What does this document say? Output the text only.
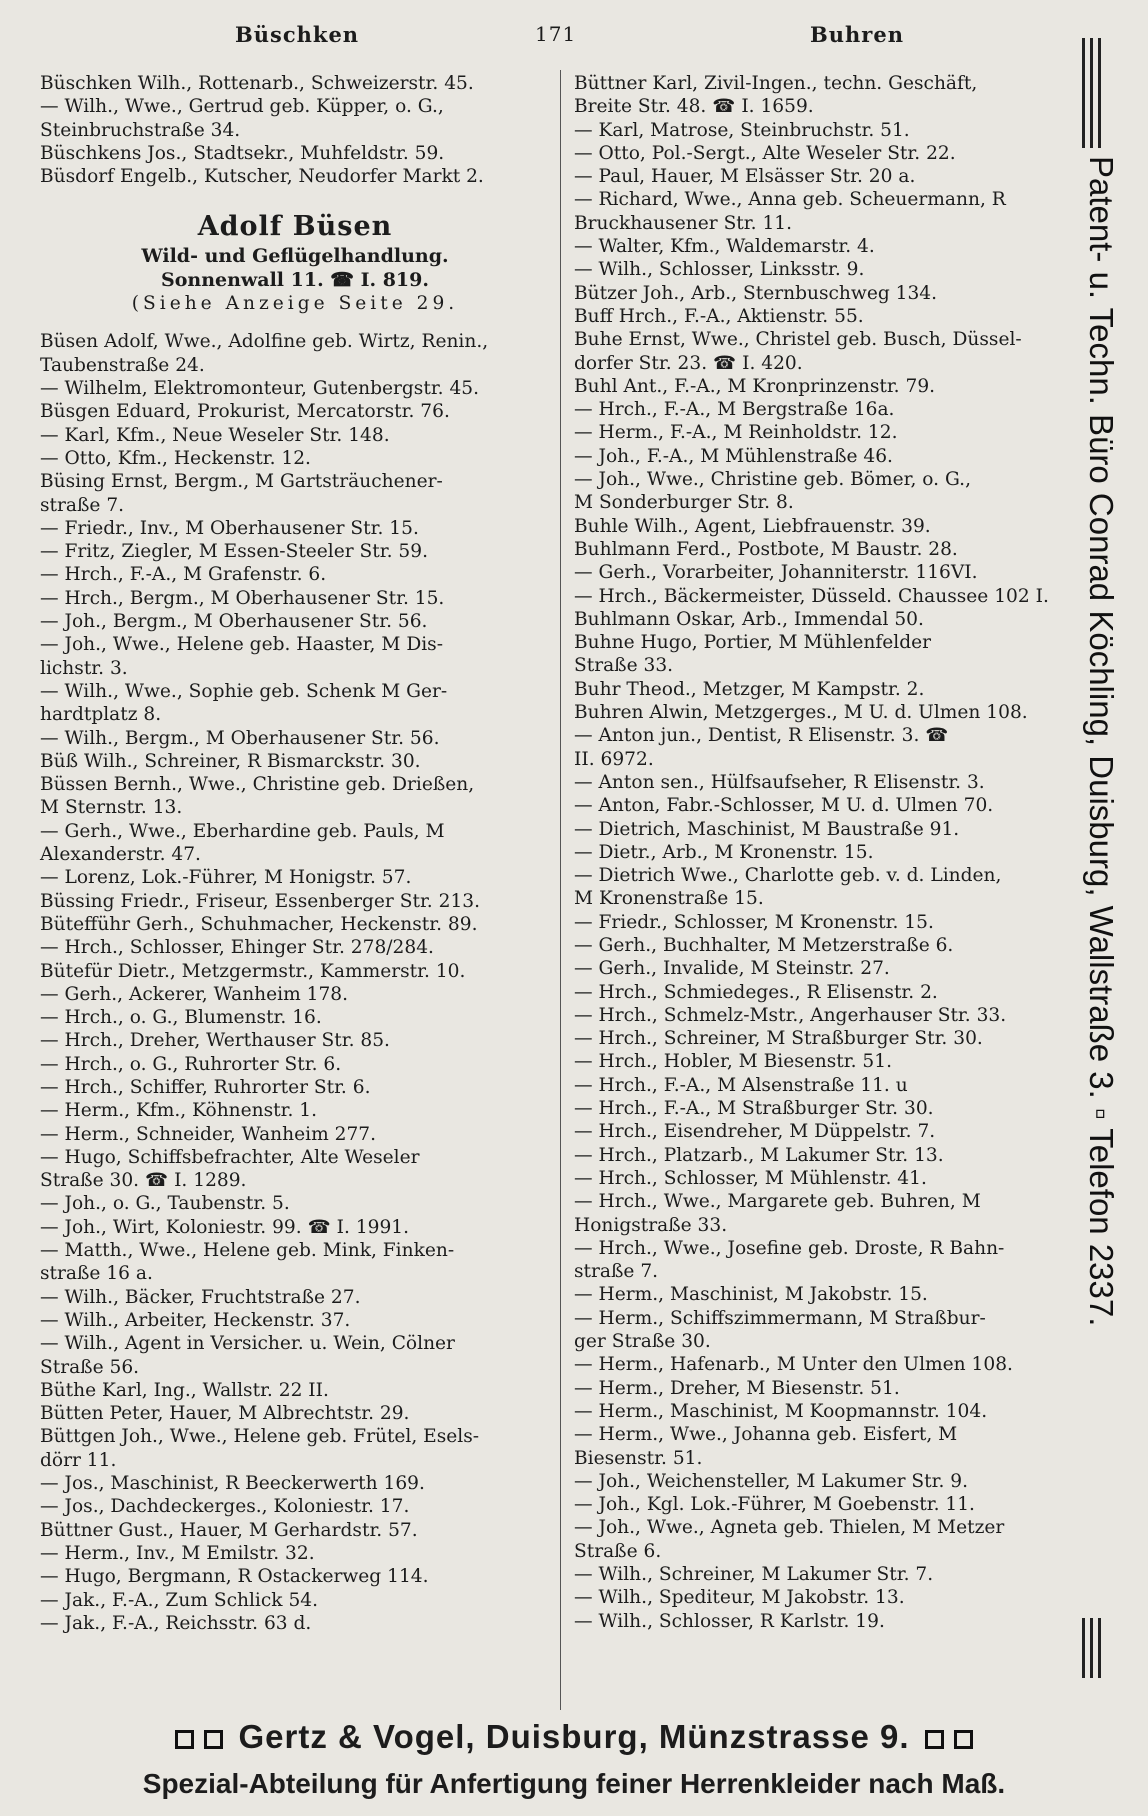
Büschken	171	Buhren
Büschken Wilh., Rottenarb., Schweizerstr. 45.
— Wilh., Wwe., Gertrud geb. Küpper, o. G.,
Steinbruchstraße 34.
Büschkens Jos., Stadtsekr., Muhfeldstr. 59.
Büsdorf Engelb., Kutscher, Neudorfer Markt 2.
Adolf Büsen
Wild- und Geflügelhandlung.
Sonnenwall 11. ☎ I. 819.
(Siehe Anzeige Seite 29.
Büsen Adolf, Wwe., Adolfine geb. Wirtz, Renin.,
Taubenstraße 24.
— Wilhelm, Elektromonteur, Gutenbergstr. 45.
Büsgen Eduard, Prokurist, Mercatorstr. 76.
— Karl, Kfm., Neue Weseler Str. 148.
— Otto, Kfm., Heckenstr. 12.
Büsing Ernst, Bergm., M Gartsträuchener-
straße 7.
— Friedr., Inv., M Oberhausener Str. 15.
— Fritz, Ziegler, M Essen-Steeler Str. 59.
— Hrch., F.-A., M Grafenstr. 6.
— Hrch., Bergm., M Oberhausener Str. 15.
— Joh., Bergm., M Oberhausener Str. 56.
— Joh., Wwe., Helene geb. Haaster, M Dis-
lichstr. 3.
— Wilh., Wwe., Sophie geb. Schenk M Ger-
hardtplatz 8.
— Wilh., Bergm., M Oberhausener Str. 56.
Büß Wilh., Schreiner, R Bismarckstr. 30.
Büssen Bernh., Wwe., Christine geb. Drießen,
M Sternstr. 13.
— Gerh., Wwe., Eberhardine geb. Pauls, M
Alexanderstr. 47.
— Lorenz, Lok.-Führer, M Honigstr. 57.
Büssing Friedr., Friseur, Essenberger Str. 213.
Bütefführ Gerh., Schuhmacher, Heckenstr. 89.
— Hrch., Schlosser, Ehinger Str. 278/284.
Bütefür Dietr., Metzgermstr., Kammerstr. 10.
— Gerh., Ackerer, Wanheim 178.
— Hrch., o. G., Blumenstr. 16.
— Hrch., Dreher, Werthauser Str. 85.
— Hrch., o. G., Ruhrorter Str. 6.
— Hrch., Schiffer, Ruhrorter Str. 6.
— Herm., Kfm., Köhnenstr. 1.
— Herm., Schneider, Wanheim 277.
— Hugo, Schiffsbefrachter, Alte Weseler
Straße 30. ☎ I. 1289.
— Joh., o. G., Taubenstr. 5.
— Joh., Wirt, Koloniestr. 99. ☎ I. 1991.
— Matth., Wwe., Helene geb. Mink, Finken-
straße 16 a.
— Wilh., Bäcker, Fruchtstraße 27.
— Wilh., Arbeiter, Heckenstr. 37.
— Wilh., Agent in Versicher. u. Wein, Cölner
Straße 56.
Büthe Karl, Ing., Wallstr. 22 II.
Bütten Peter, Hauer, M Albrechtstr. 29.
Büttgen Joh., Wwe., Helene geb. Frütel, Esels-
dörr 11.
— Jos., Maschinist, R Beeckerwerth 169.
— Jos., Dachdeckerges., Koloniestr. 17.
Büttner Gust., Hauer, M Gerhardstr. 57.
— Herm., Inv., M Emilstr. 32.
— Hugo, Bergmann, R Ostackerweg 114.
— Jak., F.-A., Zum Schlick 54.
— Jak., F.-A., Reichsstr. 63 d.
Büttner Karl, Zivil-Ingen., techn. Geschäft,
Breite Str. 48. ☎ I. 1659.
— Karl, Matrose, Steinbruchstr. 51.
— Otto, Pol.-Sergt., Alte Weseler Str. 22.
— Paul, Hauer, M Elsässer Str. 20 a.
— Richard, Wwe., Anna geb. Scheuermann, R
Bruckhausener Str. 11.
— Walter, Kfm., Waldemarstr. 4.
— Wilh., Schlosser, Linksstr. 9.
Bützer Joh., Arb., Sternbuschweg 134.
Buff Hrch., F.-A., Aktienstr. 55.
Buhe Ernst, Wwe., Christel geb. Busch, Düssel-
dorfer Str. 23. ☎ I. 420.
Buhl Ant., F.-A., M Kronprinzenstr. 79.
— Hrch., F.-A., M Bergstraße 16a.
— Herm., F.-A., M Reinholdstr. 12.
— Joh., F.-A., M Mühlenstraße 46.
— Joh., Wwe., Christine geb. Bömer, o. G.,
M Sonderburger Str. 8.
Buhle Wilh., Agent, Liebfrauenstr. 39.
Buhlmann Ferd., Postbote, M Baustr. 28.
— Gerh., Vorarbeiter, Johanniterstr. 116VI.
— Hrch., Bäckermeister, Düsseld. Chaussee 102 I.
Buhlmann Oskar, Arb., Immendal 50.
Buhne Hugo, Portier, M Mühlenfelder
Straße 33.
Buhr Theod., Metzger, M Kampstr. 2.
Buhren Alwin, Metzgerges., M U. d. Ulmen 108.
— Anton jun., Dentist, R Elisenstr. 3. ☎
II. 6972.
— Anton sen., Hülfsaufseher, R Elisenstr. 3.
— Anton, Fabr.-Schlosser, M U. d. Ulmen 70.
— Dietrich, Maschinist, M Baustraße 91.
— Dietr., Arb., M Kronenstr. 15.
— Dietrich Wwe., Charlotte geb. v. d. Linden,
M Kronenstraße 15.
— Friedr., Schlosser, M Kronenstr. 15.
— Gerh., Buchhalter, M Metzerstraße 6.
— Gerh., Invalide, M Steinstr. 27.
— Hrch., Schmiedeges., R Elisenstr. 2.
— Hrch., Schmelz-Mstr., Angerhauser Str. 33.
— Hrch., Schreiner, M Straßburger Str. 30.
— Hrch., Hobler, M Biesenstr. 51.
— Hrch., F.-A., M Alsenstraße 11. u
— Hrch., F.-A., M Straßburger Str. 30.
— Hrch., Eisendreher, M Düppelstr. 7.
— Hrch., Platzarb., M Lakumer Str. 13.
— Hrch., Schlosser, M Mühlenstr. 41.
— Hrch., Wwe., Margarete geb. Buhren, M
Honigstraße 33.
— Hrch., Wwe., Josefine geb. Droste, R Bahn-
straße 7.
— Herm., Maschinist, M Jakobstr. 15.
— Herm., Schiffszimmermann, M Straßbur-
ger Straße 30.
— Herm., Hafenarb., M Unter den Ulmen 108.
— Herm., Dreher, M Biesenstr. 51.
— Herm., Maschinist, M Koopmannstr. 104.
— Herm., Wwe., Johanna geb. Eisfert, M
Biesenstr. 51.
— Joh., Weichensteller, M Lakumer Str. 9.
— Joh., Kgl. Lok.-Führer, M Goebenstr. 11.
— Joh., Wwe., Agneta geb. Thielen, M Metzer
Straße 6.
— Wilh., Schreiner, M Lakumer Str. 7.
— Wilh., Spediteur, M Jakobstr. 13.
— Wilh., Schlosser, R Karlstr. 19.
Patent- u. Techn. Büro Conrad Köchling, Duisburg, Wallstraße 3. ▫ Telefon 2337.
Gertz & Vogel, Duisburg, Münzstrasse 9.
Spezial-Abteilung für Anfertigung feiner Herrenkleider nach Maß.
